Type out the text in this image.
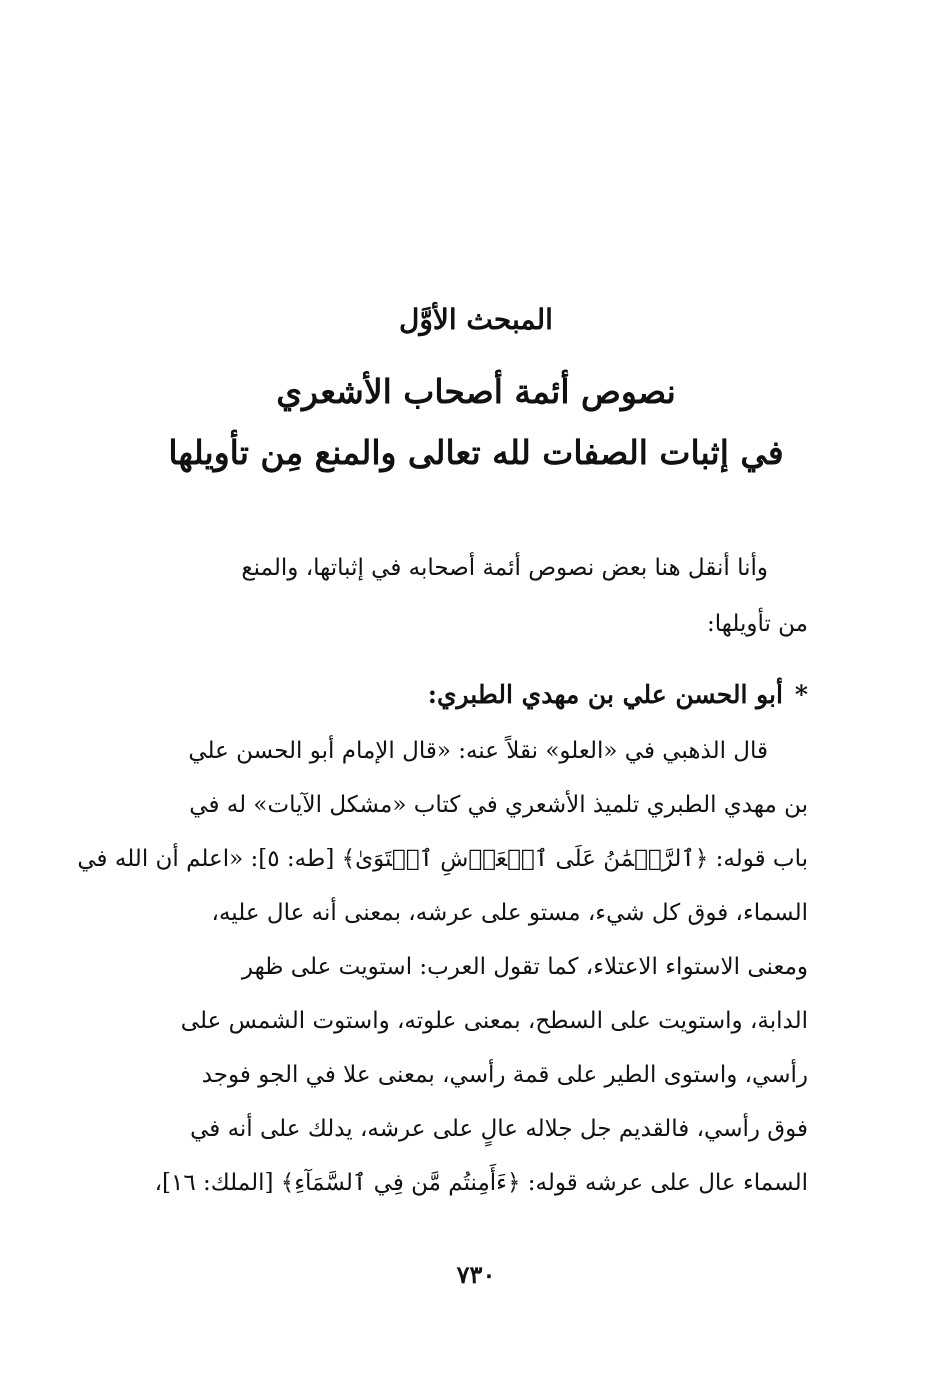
المبحث الأوَّل
نصوص أئمة أصحاب الأشعري
في إثبات الصفات لله تعالى والمنع مِن تأويلها
وأنا أنقل هنا بعض نصوص أئمة أصحابه في إثباتها، والمنع
من تأويلها:
*أبو الحسن علي بن مهدي الطبري:
قال الذهبي في «العلو» نقلاً عنه: «قال الإمام أبو الحسن علي
بن مهدي الطبري تلميذ الأشعري في كتاب «مشكل الآيات» له في
باب قوله: ﴿ٱلرَّحۡمَٰنُ عَلَى ٱلۡعَرۡشِ ٱسۡتَوَىٰ﴾ [طه: ٥]: «اعلم أن الله في
السماء، فوق كل شيء، مستو على عرشه، بمعنى أنه عال عليه،
ومعنى الاستواء الاعتلاء، كما تقول العرب: استويت على ظهر
الدابة، واستويت على السطح، بمعنى علوته، واستوت الشمس على
رأسي، واستوى الطير على قمة رأسي، بمعنى علا في الجو فوجد
فوق رأسي، فالقديم جل جلاله عالٍ على عرشه، يدلك على أنه في
السماء عال على عرشه قوله: ﴿ءَأَمِنتُم مَّن فِي ٱلسَّمَآءِ﴾ [الملك: ١٦]،
٧٣٠
